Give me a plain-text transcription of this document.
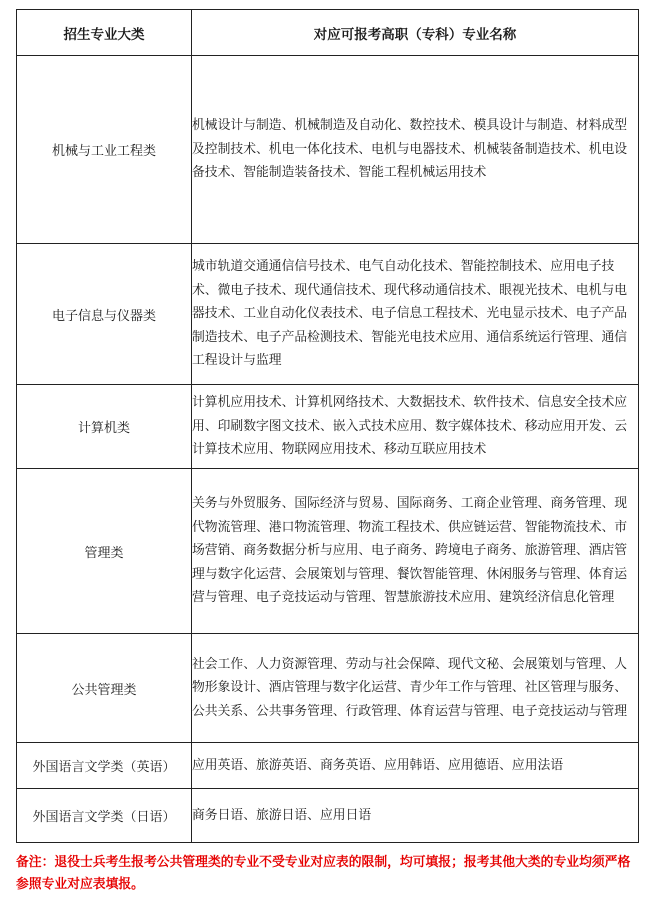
招生专业大类	对应可报考高职（专科）专业名称
机械与工业工程类	机械设计与制造、机械制造及自动化、数控技术、模具设计与制造、材料成型及控制技术、机电一体化技术、电机与电器技术、机械装备制造技术、机电设备技术、智能制造装备技术、智能工程机械运用技术
电子信息与仪器类	城市轨道交通通信信号技术、电气自动化技术、智能控制技术、应用电子技术、微电子技术、现代通信技术、现代移动通信技术、眼视光技术、电机与电器技术、工业自动化仪表技术、电子信息工程技术、光电显示技术、电子产品制造技术、电子产品检测技术、智能光电技术应用、通信系统运行管理、通信工程设计与监理
计算机类	计算机应用技术、计算机网络技术、大数据技术、软件技术、信息安全技术应用、印刷数字图文技术、嵌入式技术应用、数字媒体技术、移动应用开发、云计算技术应用、物联网应用技术、移动互联应用技术
管理类	关务与外贸服务、国际经济与贸易、国际商务、工商企业管理、商务管理、现代物流管理、港口物流管理、物流工程技术、供应链运营、智能物流技术、市场营销、商务数据分析与应用、电子商务、跨境电子商务、旅游管理、酒店管理与数字化运营、会展策划与管理、餐饮智能管理、休闲服务与管理、体育运营与管理、电子竞技运动与管理、智慧旅游技术应用、建筑经济信息化管理
公共管理类	社会工作、人力资源管理、劳动与社会保障、现代文秘、会展策划与管理、人物形象设计、酒店管理与数字化运营、青少年工作与管理、社区管理与服务、公共关系、公共事务管理、行政管理、体育运营与管理、电子竞技运动与管理
外国语言文学类（英语）	应用英语、旅游英语、商务英语、应用韩语、应用德语、应用法语
外国语言文学类（日语）	商务日语、旅游日语、应用日语
备注：退役士兵考生报考公共管理类的专业不受专业对应表的限制，均可填报；报考其他大类的专业均须严格参照专业对应表填报。
